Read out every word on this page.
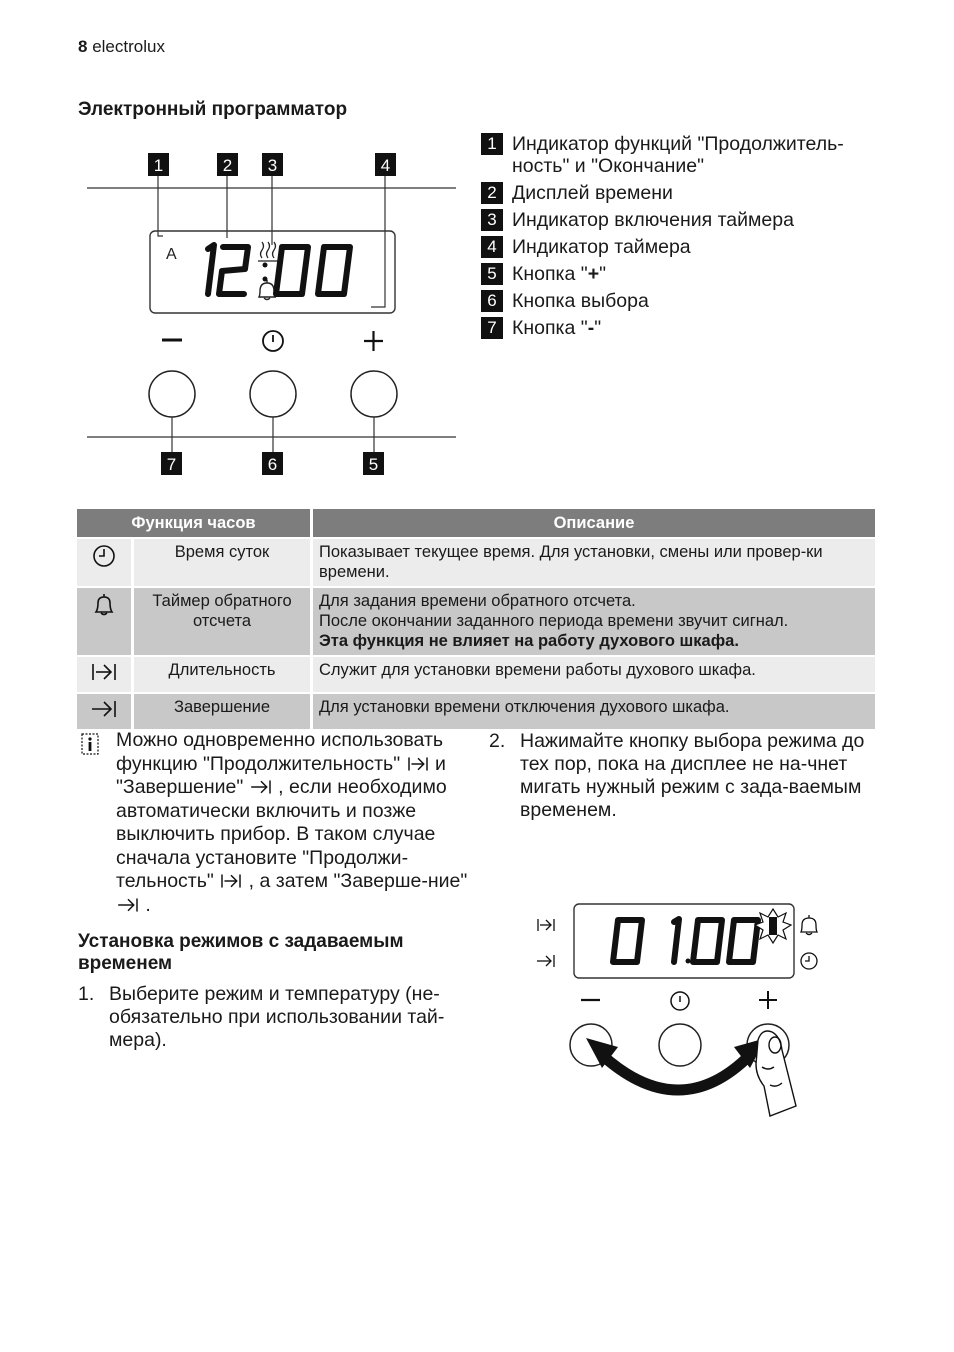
8 electrolux
Электронный программатор
1	2 3	4
A
7	6	5
1 Индикатор функций "Продолжитель-ность" и "Окончание"
2 Дисплей времени
3 Индикатор включения таймера
4 Индикатор таймера
5 Кнопка "+"
6 Кнопка выбора
7 Кнопка "-"
Функция часов		Описание
	Время суток	Показывает текущее время. Для установки, смены или провер-ки времени.
	Таймер обратного отсчета	Для задания времени обратного отсчета.
После окончании заданного периода времени звучит сигнал.
Эта функция не влияет на работу духового шкафа.
	Длительность	Служит для установки времени работы духового шкафа.
	Завершение	Для установки времени отключения духового шкафа.
Можно одновременно использовать функцию "Продолжительность"  и "Завершение"  , если необходимо автоматически включить и позже выключить прибор. В таком случае сначала установите "Продолжи-тельность"  , а затем "Заверше-ние"  .
Установка режимов с задаваемым временем
1. Выберите режим и температуру (не-обязательно при использовании тай-мера).
2. Нажимайте кнопку выбора режима до тех пор, пока на дисплее не на-чнет мигать нужный режим с зада-ваемым временем.
